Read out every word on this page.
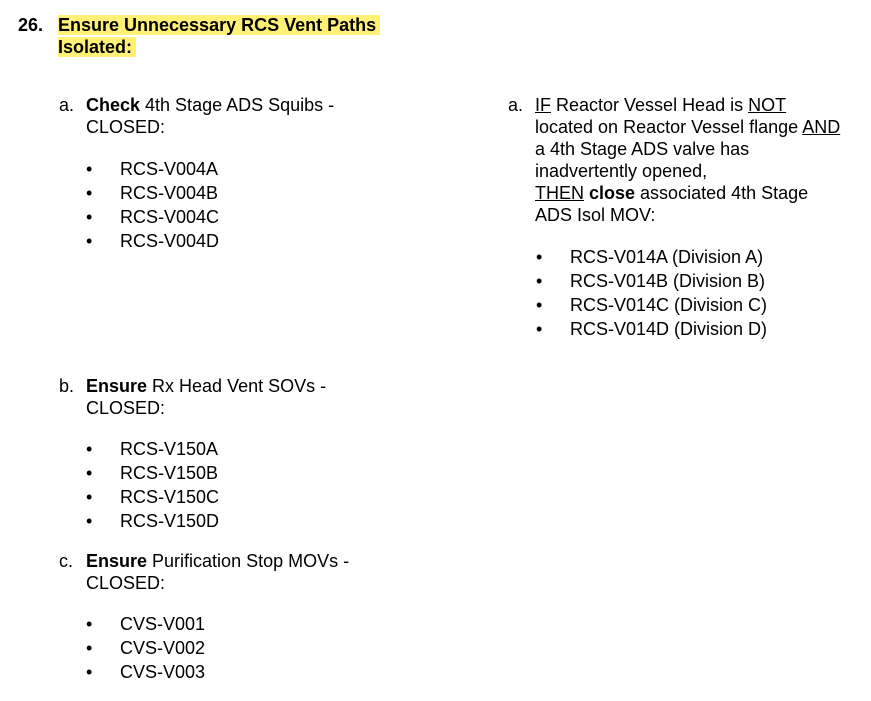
26. Ensure Unnecessary RCS Vent Paths
Isolated:
a. Check 4th Stage ADS Squibs -
CLOSED:
• RCS-V004A
• RCS-V004B
• RCS-V004C
• RCS-V004D
b. Ensure Rx Head Vent SOVs -
CLOSED:
• RCS-V150A
• RCS-V150B
• RCS-V150C
• RCS-V150D
c. Ensure Purification Stop MOVs -
CLOSED:
• CVS-V001
• CVS-V002
• CVS-V003
a. IF Reactor Vessel Head is NOT
located on Reactor Vessel flange AND
a 4th Stage ADS valve has
inadvertently opened,
THEN close associated 4th Stage
ADS Isol MOV:
• RCS-V014A (Division A)
• RCS-V014B (Division B)
• RCS-V014C (Division C)
• RCS-V014D (Division D)
